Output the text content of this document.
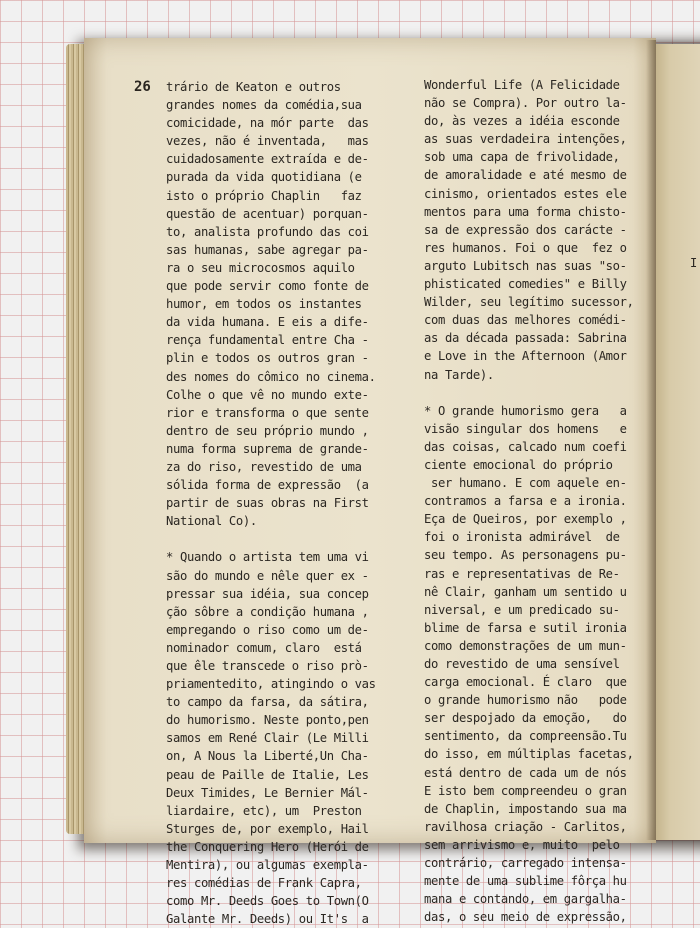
I
26 trário de Keaton e outros
grandes nomes da comédia,sua
comicidade, na mór parte  das
vezes, não é inventada,   mas
cuidadosamente extraída e de-
purada da vida quotidiana (e
isto o próprio Chaplin   faz
questão de acentuar) porquan-
to, analista profundo das coi
sas humanas, sabe agregar pa-
ra o seu microcosmos aquilo
que pode servir como fonte de
humor, em todos os instantes
da vida humana. E eis a dife-
rença fundamental entre Cha -
plin e todos os outros gran -
des nomes do cômico no cinema.
Colhe o que vê no mundo exte-
rior e transforma o que sente
dentro de seu próprio mundo ,
numa forma suprema de grande-
za do riso, revestido de uma
sólida forma de expressão  (a
partir de suas obras na First
National Co).
* Quando o artista tem uma vi
são do mundo e nêle quer ex -
pressar sua idéia, sua concep
ção sôbre a condição humana ,
empregando o riso como um de-
nominador comum, claro  está
que êle transcede o riso prò-
priamentedito, atingindo o vas
to campo da farsa, da sátira,
do humorismo. Neste ponto,pen
samos em René Clair (Le Milli
on, A Nous la Liberté,Un Cha-
peau de Paille de Italie, Les
Deux Timides, Le Bernier Mál-
liardaire, etc), um  Preston
Sturges de, por exemplo, Hail
the Conquering Hero (Herói de
Mentira), ou algumas exempla-
res comédias de Frank Capra,
como Mr. Deeds Goes to Town(O
Galante Mr. Deeds) ou It's  a
Wonderful Life (A Felicidade
não se Compra). Por outro la-
do, às vezes a idéia esconde
as suas verdadeira intenções,
sob uma capa de frivolidade,
de amoralidade e até mesmo de
cinismo, orientados estes ele
mentos para uma forma chisto-
sa de expressão dos caráctе -
res humanos. Foi o que  fez o
arguto Lubitsch nas suas "so-
phisticated comedies" e Billy
Wilder, seu legítimo sucessor,
com duas das melhores comédi-
as da década passada: Sabrina
e Love in the Afternoon (Amor
na Tarde).
* O grande humorismo gera   a
visão singular dos homens   e
das coisas, calcado num coefi
ciente emocional do próprio
ser humano. E com aquele en-
contramos a farsa e a ironia.
Eça de Queiros, por exemplo ,
foi o ironista admirável  de
seu tempo. As personagens pu-
ras e representativas de Re-
nê Clair, ganham um sentido u
niversal, e um predicado su-
blime de farsa e sutil ironia
como demonstrações de um mun-
do revestido de uma sensível
carga emocional. É claro  que
o grande humorismo não   pode
ser despojado da emoção,   do
sentimento, da compreensão.Tu
do isso, em múltiplas facetas,
está dentro de cada um de nós
E isto bem compreendeu o gran
de Chaplin, impostando sua ma
ravilhosa criação - Carlitos,
sem arrivismo e, muito  pelo
contrário, carregado intensa-
mente de uma sublime fôrça hu
mana e contando, em gargalha-
das, o seu meio de expressão,
